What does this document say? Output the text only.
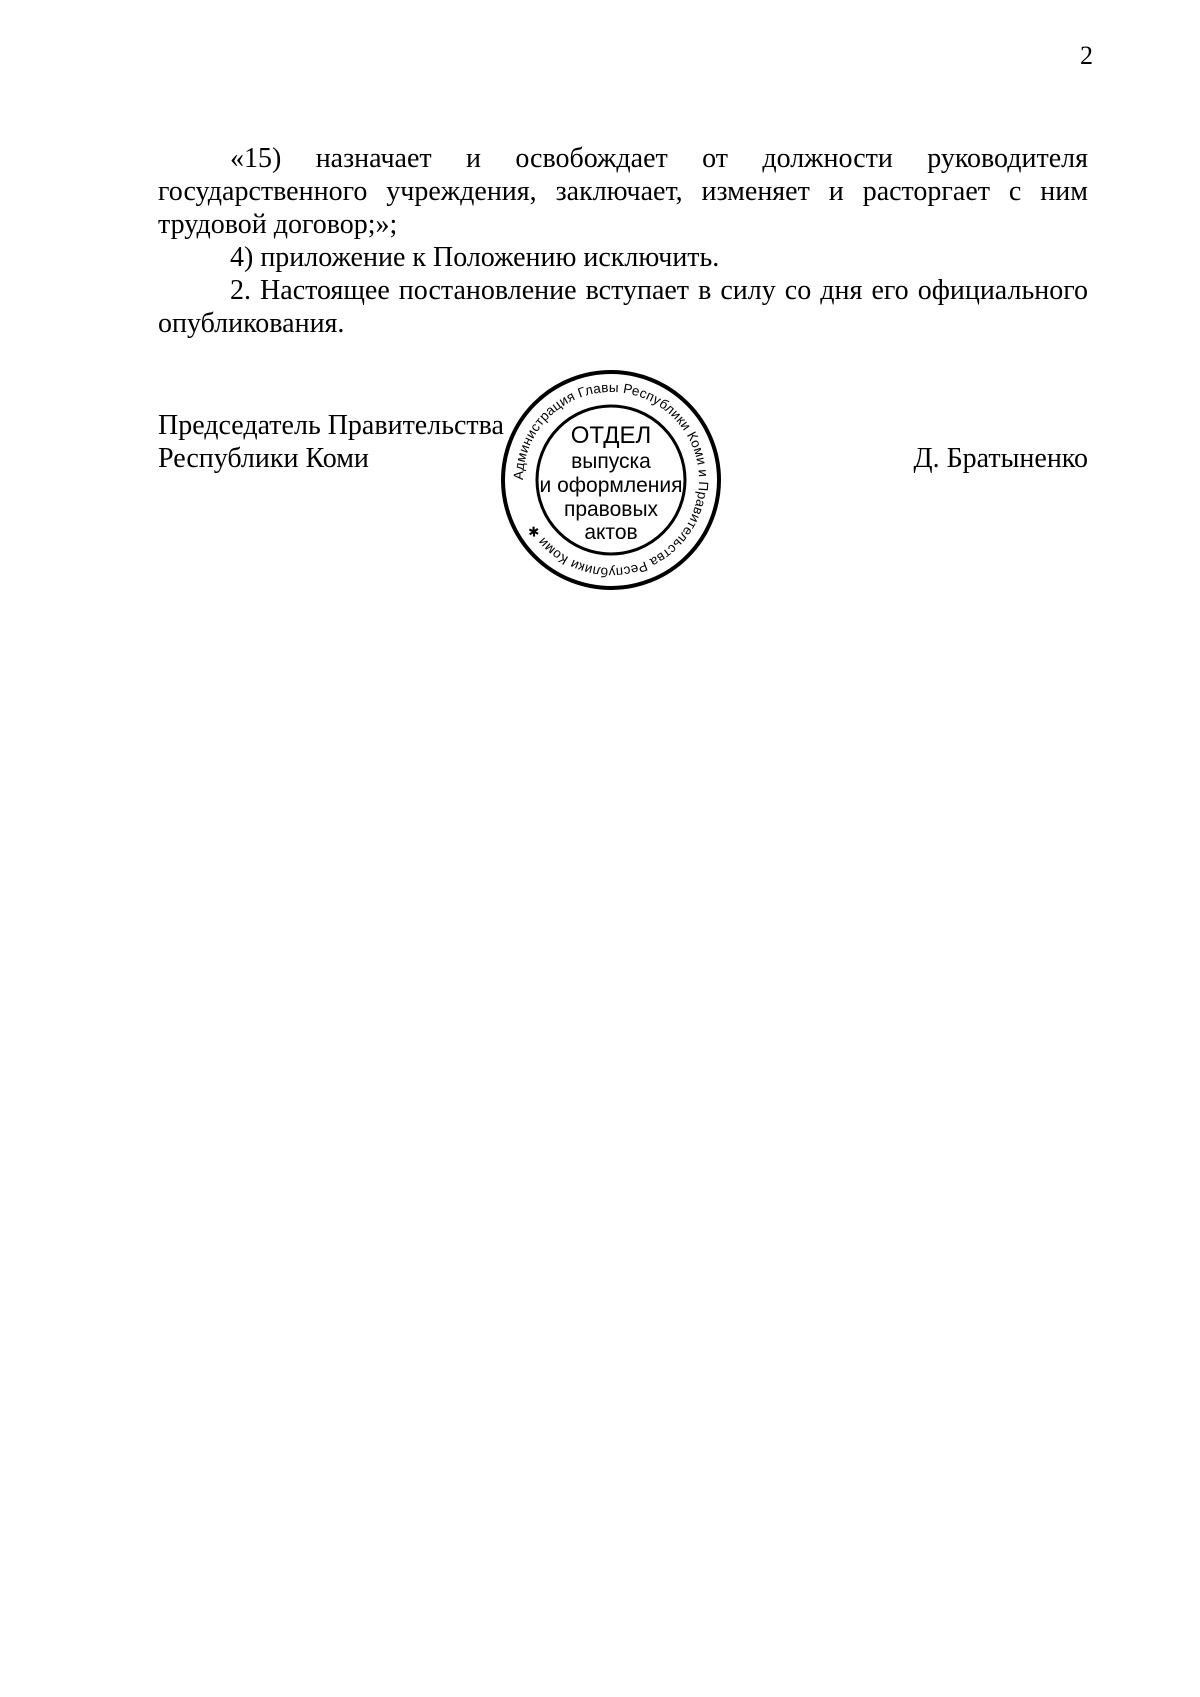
2

«15) назначает и освобождает от должности руководителя государственного учреждения, заключает, изменяет и расторгает с ним трудовой договор;»;

4) приложение к Положению исключить.

2. Настоящее постановление вступает в силу со дня его официального опубликования.

Председатель Правительства
Республики Коми	Д. Братыненко
Администрация Главы Республики Коми и Правительства Республики Коми ✱
ОТДЕЛ
выпуска
и оформления
правовых
актов
